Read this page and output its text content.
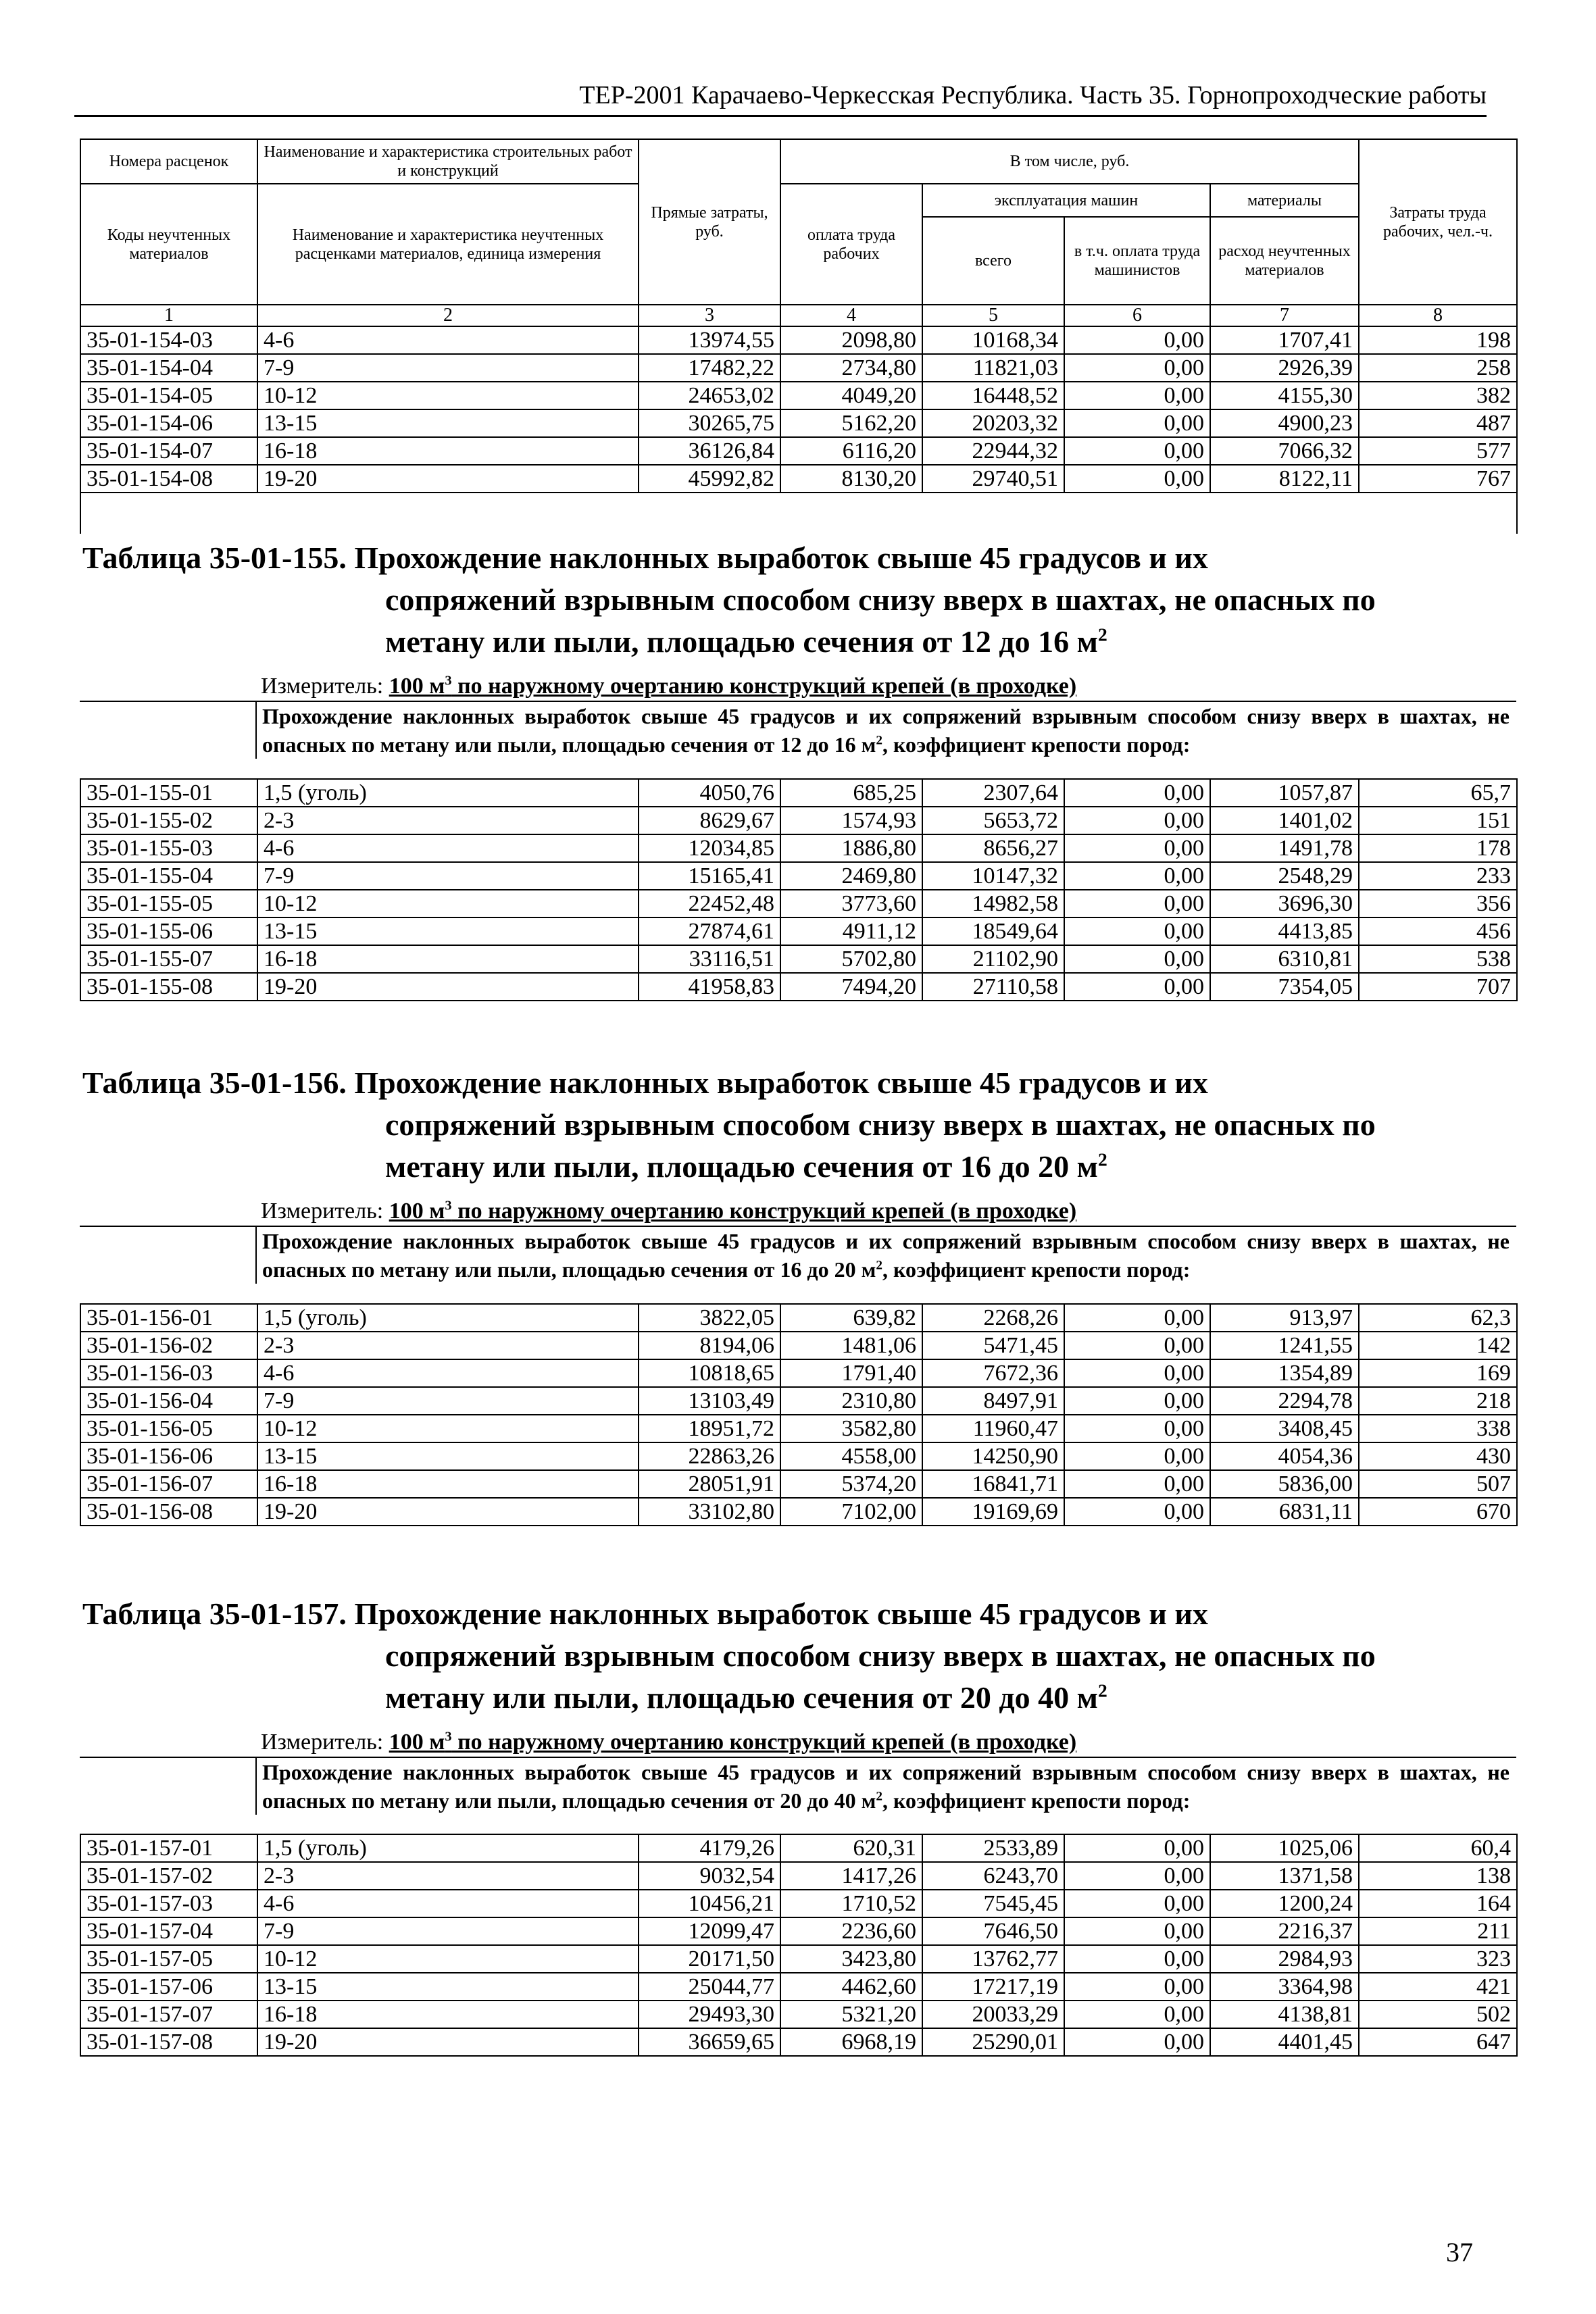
ТЕР-2001 Карачаево-Черкесская Республика. Часть 35. Горнопроходческие работы
Номера расценок	Наименование и характеристика строительных работ и конструкций	Прямые затраты, руб.	В том числе, руб.				Затраты труда рабочих, чел.-ч.
Коды неучтенных материалов	Наименование и характеристика неучтенных расценками материалов, единица измерения		оплата труда рабочих	эксплуатация машин		материалы	
				всего	в т.ч. оплата труда машинистов	расход неучтенных материалов	
1	2	3	4	5	6	7	8
35-01-154-03	4-6	13974,55	2098,80	10168,34	0,00	1707,41	198
35-01-154-04	7-9	17482,22	2734,80	11821,03	0,00	2926,39	258
35-01-154-05	10-12	24653,02	4049,20	16448,52	0,00	4155,30	382
35-01-154-06	13-15	30265,75	5162,20	20203,32	0,00	4900,23	487
35-01-154-07	16-18	36126,84	6116,20	22944,32	0,00	7066,32	577
35-01-154-08	19-20	45992,82	8130,20	29740,51	0,00	8122,11	767

Таблица 35-01-155. Прохождение наклонных выработок свыше 45 градусов и их
сопряжений взрывным способом снизу вверх в шахтах, не опасных по
метану или пыли, площадью сечения от 12 до 16 $м^2$
Измеритель: 100 $м^3$ по наружному очертанию конструкций крепей (в проходке)
Прохождение наклонных выработок свыше 45 градусов и их сопряжений взрывным способом снизу вверх в шахтах, не опасных по метану или пыли, площадью сечения от 12 до 16 $м^2$, коэффициент крепости пород:
35-01-155-01	1,5 (уголь)	4050,76	685,25	2307,64	0,00	1057,87	65,7
35-01-155-02	2-3	8629,67	1574,93	5653,72	0,00	1401,02	151
35-01-155-03	4-6	12034,85	1886,80	8656,27	0,00	1491,78	178
35-01-155-04	7-9	15165,41	2469,80	10147,32	0,00	2548,29	233
35-01-155-05	10-12	22452,48	3773,60	14982,58	0,00	3696,30	356
35-01-155-06	13-15	27874,61	4911,12	18549,64	0,00	4413,85	456
35-01-155-07	16-18	33116,51	5702,80	21102,90	0,00	6310,81	538
35-01-155-08	19-20	41958,83	7494,20	27110,58	0,00	7354,05	707
Таблица 35-01-156. Прохождение наклонных выработок свыше 45 градусов и их
сопряжений взрывным способом снизу вверх в шахтах, не опасных по
метану или пыли, площадью сечения от 16 до 20 $м^2$
Измеритель: 100 $м^3$ по наружному очертанию конструкций крепей (в проходке)
Прохождение наклонных выработок свыше 45 градусов и их сопряжений взрывным способом снизу вверх в шахтах, не опасных по метану или пыли, площадью сечения от 16 до 20 $м^2$, коэффициент крепости пород:
35-01-156-01	1,5 (уголь)	3822,05	639,82	2268,26	0,00	913,97	62,3
35-01-156-02	2-3	8194,06	1481,06	5471,45	0,00	1241,55	142
35-01-156-03	4-6	10818,65	1791,40	7672,36	0,00	1354,89	169
35-01-156-04	7-9	13103,49	2310,80	8497,91	0,00	2294,78	218
35-01-156-05	10-12	18951,72	3582,80	11960,47	0,00	3408,45	338
35-01-156-06	13-15	22863,26	4558,00	14250,90	0,00	4054,36	430
35-01-156-07	16-18	28051,91	5374,20	16841,71	0,00	5836,00	507
35-01-156-08	19-20	33102,80	7102,00	19169,69	0,00	6831,11	670
Таблица 35-01-157. Прохождение наклонных выработок свыше 45 градусов и их
сопряжений взрывным способом снизу вверх в шахтах, не опасных по
метану или пыли, площадью сечения от 20 до 40 $м^2$
Измеритель: 100 $м^3$ по наружному очертанию конструкций крепей (в проходке)
Прохождение наклонных выработок свыше 45 градусов и их сопряжений взрывным способом снизу вверх в шахтах, не опасных по метану или пыли, площадью сечения от 20 до 40 $м^2$, коэффициент крепости пород:
35-01-157-01	1,5 (уголь)	4179,26	620,31	2533,89	0,00	1025,06	60,4
35-01-157-02	2-3	9032,54	1417,26	6243,70	0,00	1371,58	138
35-01-157-03	4-6	10456,21	1710,52	7545,45	0,00	1200,24	164
35-01-157-04	7-9	12099,47	2236,60	7646,50	0,00	2216,37	211
35-01-157-05	10-12	20171,50	3423,80	13762,77	0,00	2984,93	323
35-01-157-06	13-15	25044,77	4462,60	17217,19	0,00	3364,98	421
35-01-157-07	16-18	29493,30	5321,20	20033,29	0,00	4138,81	502
35-01-157-08	19-20	36659,65	6968,19	25290,01	0,00	4401,45	647
37
